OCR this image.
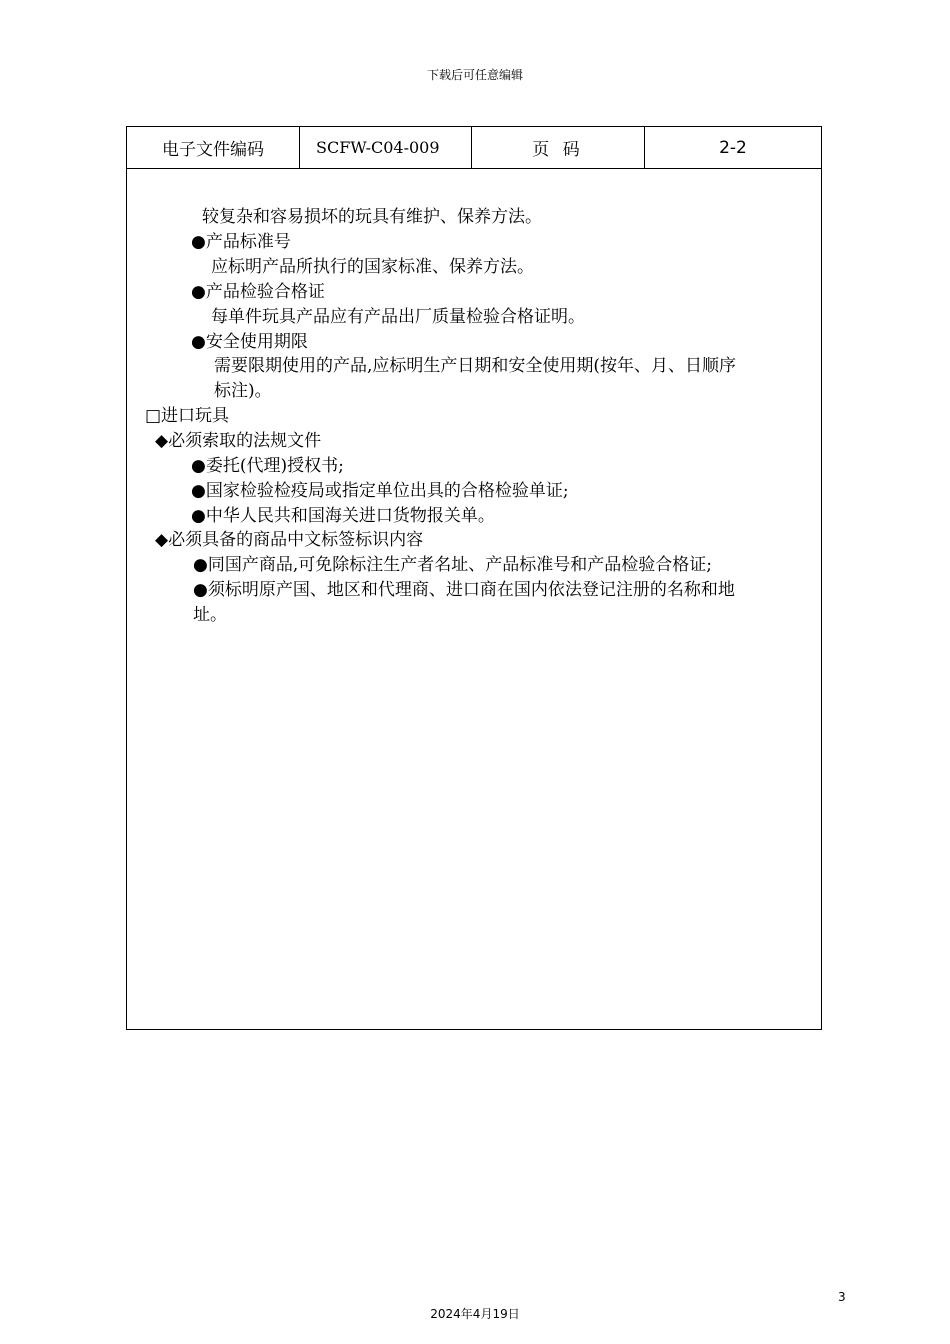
下载后可任意编辑
电子文件编码	SCFW-C04-009	页 码	2-2
较复杂和容易损坏的玩具有维护、保养方法。
●产品标准号
应标明产品所执行的国家标准、保养方法。
●产品检验合格证
每单件玩具产品应有产品出厂质量检验合格证明。
●安全使用期限
需要限期使用的产品,应标明生产日期和安全使用期(按年、月、日顺序
标注)。
□进口玩具
◆必须索取的法规文件
●委托(代理)授权书;
●国家检验检疫局或指定单位出具的合格检验单证;
●中华人民共和国海关进口货物报关单。
◆必须具备的商品中文标签标识内容
●同国产商品,可免除标注生产者名址、产品标准号和产品检验合格证;
●须标明原产国、地区和代理商、进口商在国内依法登记注册的名称和地
址。
3
2024年4月19日
